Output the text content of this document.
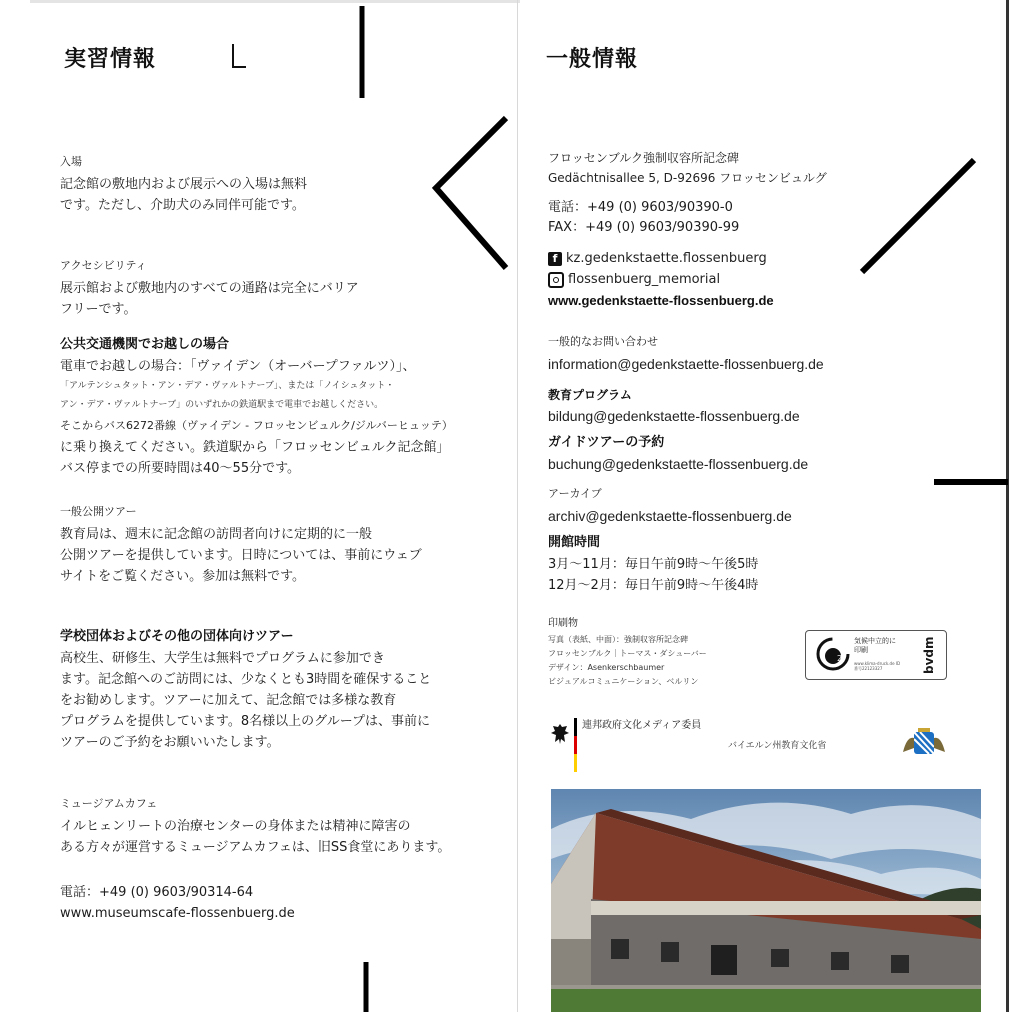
実習情報

入場

記念館の敷地内および展示への入場は無料
です。ただし、介助犬のみ同伴可能です。

アクセシビリティ

展示館および敷地内のすべての通路は完全にバリア
フリーです。

公共交通機関でお越しの場合

電車でお越しの場合：「ヴァイデン（オーバープファルツ）」、

「アルテンシュタット・アン・デア・ヴァルトナーブ」、または「ノイシュタット・
アン・デア・ヴァルトナーブ」のいずれかの鉄道駅まで電車でお越しください。

そこからバス6272番線（ヴァイデン - フロッセンビュルク/ジルバーヒュッテ）

に乗り換えてください。鉄道駅から「フロッセンビュルク記念館」
バス停までの所要時間は40～55分です。

一般公開ツアー

教育局は、週末に記念館の訪問者向けに定期的に一般
公開ツアーを提供しています。日時については、事前にウェブ
サイトをご覧ください。参加は無料です。

学校団体およびその他の団体向けツアー

高校生、研修生、大学生は無料でプログラムに参加でき
ます。記念館へのご訪問には、少なくとも3時間を確保すること
をお勧めします。ツアーに加えて、記念館では多様な教育
プログラムを提供しています。8名様以上のグループは、事前に
ツアーのご予約をお願いいたします。

ミュージアムカフェ

イルヒェンリートの治療センターの身体または精神に障害の
ある方々が運営するミュージアムカフェは、旧SS食堂にあります。

電話：+49 (0) 9603/90314-64

www.museumscafe-flossenbuerg.de

一般情報

フロッセンブルク強制収容所記念碑

Gedächtnisallee 5, D-92696 フロッセンビュルグ

電話：+49 (0) 9603/90390-0

FAX：+49 (0) 9603/90390-99

f kz.gedenkstaette.flossenbuerg
flossenbuerg_memorial
www.gedenkstaette-flossenbuerg.de

一般的なお問い合わせ

information@gedenkstaette-flossenbuerg.de

教育プログラム

bildung@gedenkstaette-flossenbuerg.de

ガイドツアーの予約

buchung@gedenkstaette-flossenbuerg.de

アーカイブ

archiv@gedenkstaette-flossenbuerg.de

開館時間

3月～11月：毎日午前9時～午後5時

12月～2月：毎日午前9時～午後4時

印刷物

写真（表紙、中面）：強制収容所記念碑
フロッセンブルク｜トーマス・ダシューバー
デザイン：Asenkerschbaumer
ビジュアルコミュニケーション、ベルリン

2
気候中立的に
印刷
www.klima-druck.de ID
番号22123327	bvdm
連邦政府文化メディア委員
バイエルン州教育文化省
